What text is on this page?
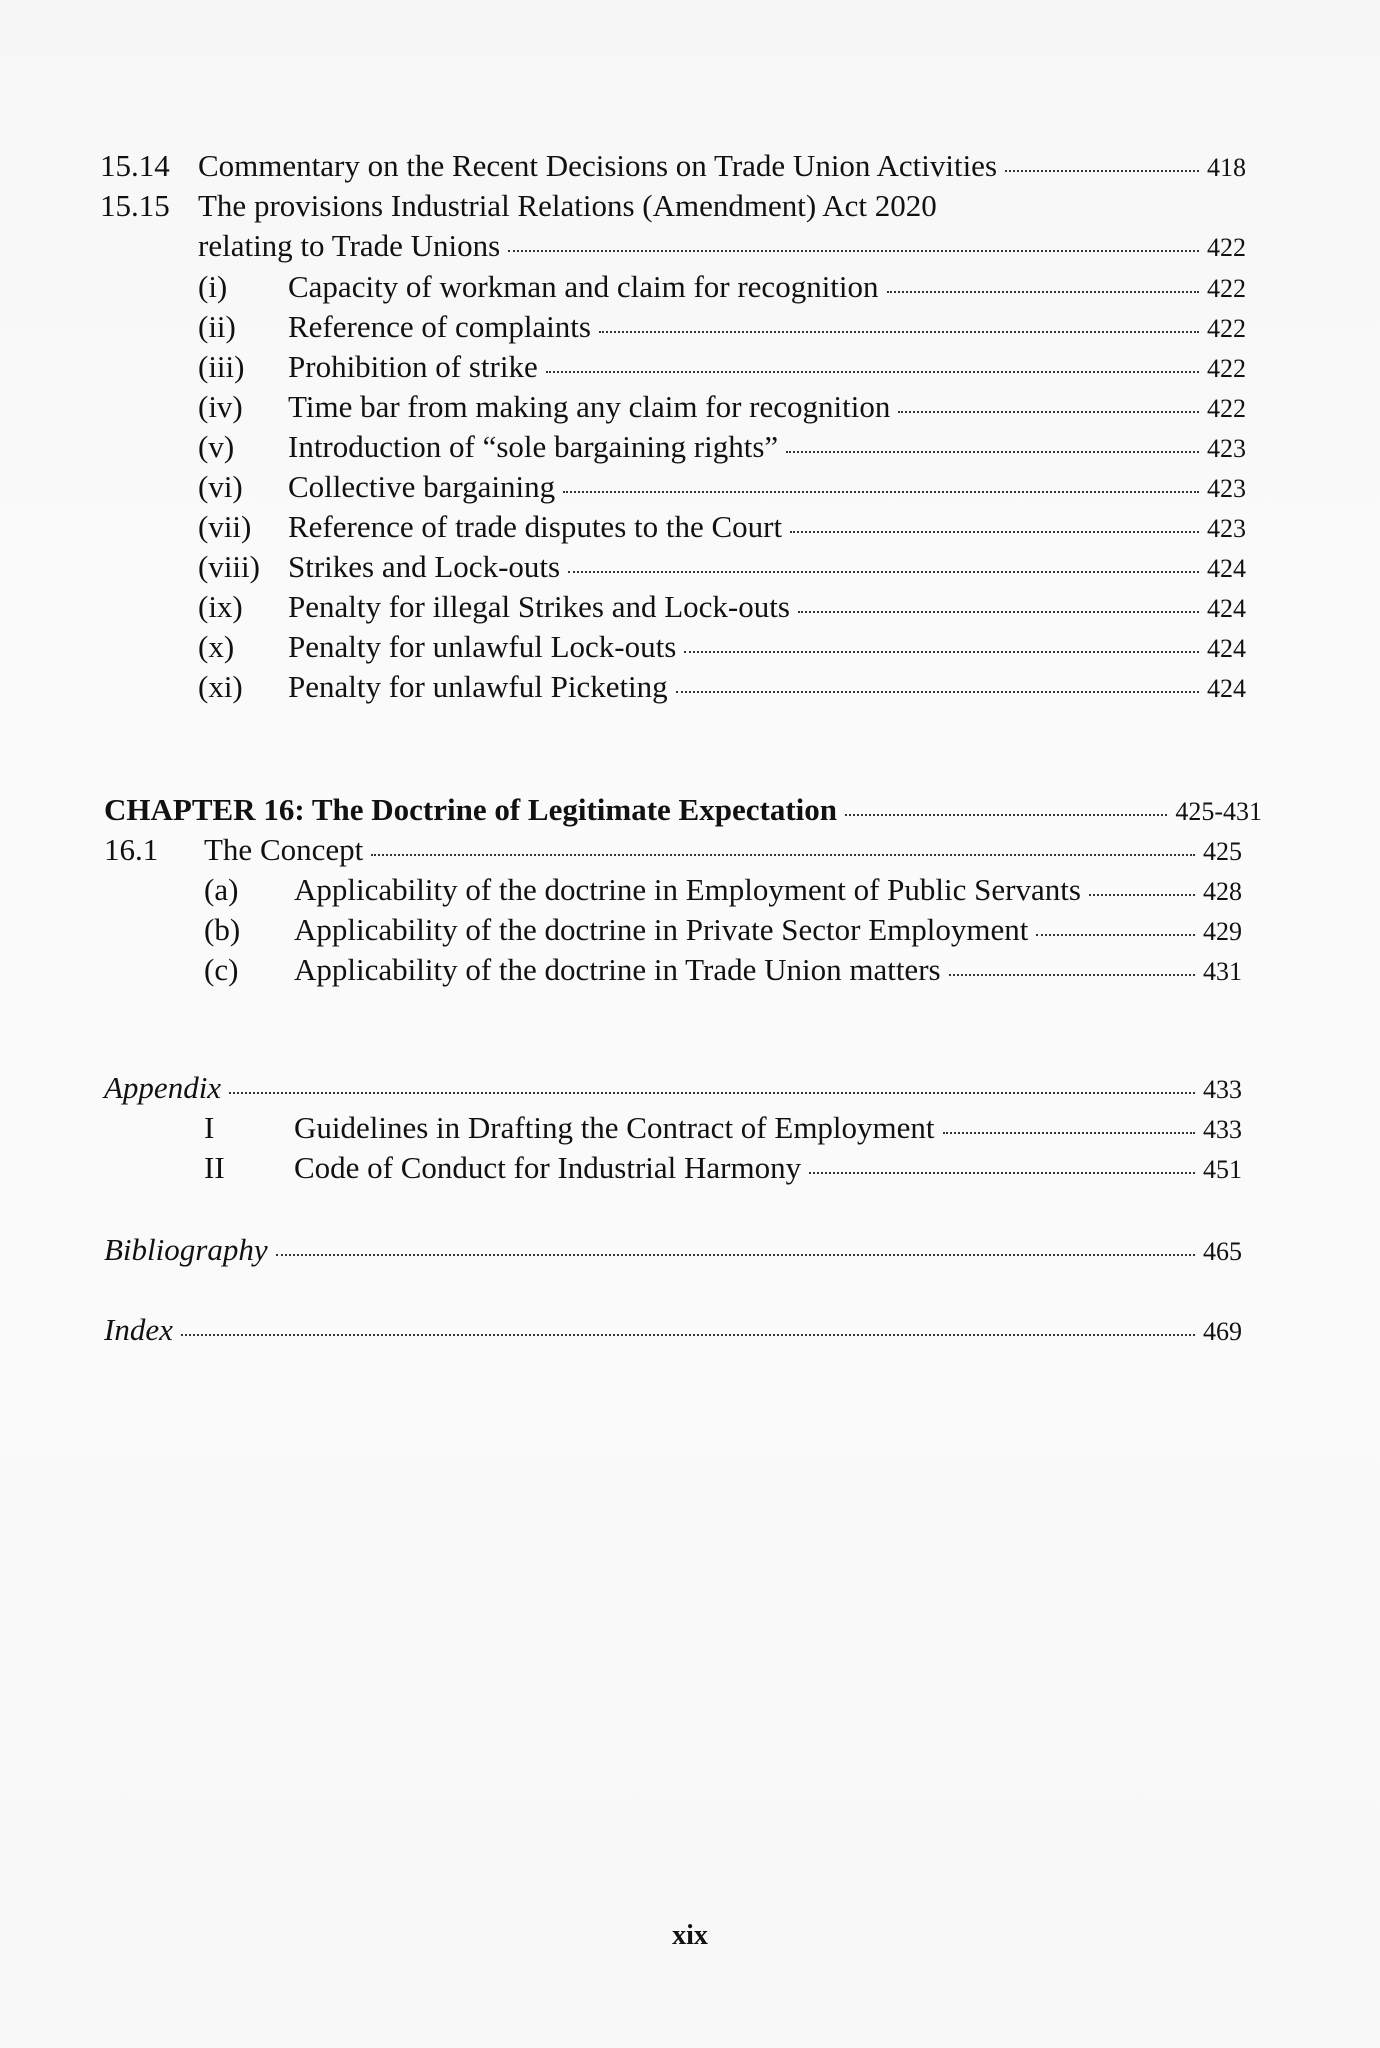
15.14 Commentary on the Recent Decisions on Trade Union Activities	418
15.15 The provisions Industrial Relations (Amendment) Act 2020
relating to Trade Unions	422
(i)	Capacity of workman and claim for recognition	422
(ii)	Reference of complaints	422
(iii)	Prohibition of strike	422
(iv)	Time bar from making any claim for recognition	422
(v)	Introduction of “sole bargaining rights”	423
(vi)	Collective bargaining	423
(vii)	Reference of trade disputes to the Court	423
(viii) Strikes and Lock-outs	424
(ix)	Penalty for illegal Strikes and Lock-outs	424
(x)	Penalty for unlawful Lock-outs	424
(xi)	Penalty for unlawful Picketing	424
CHAPTER 16: The Doctrine of Legitimate Expectation	425-431
16.1	The Concept	425
(a)	Applicability of the doctrine in Employment of Public Servants	428
(b)	Applicability of the doctrine in Private Sector Employment	429
(c)	Applicability of the doctrine in Trade Union matters	431
Appendix	433
I	Guidelines in Drafting the Contract of Employment	433
II	Code of Conduct for Industrial Harmony	451
Bibliography	465
Index	469
xix
